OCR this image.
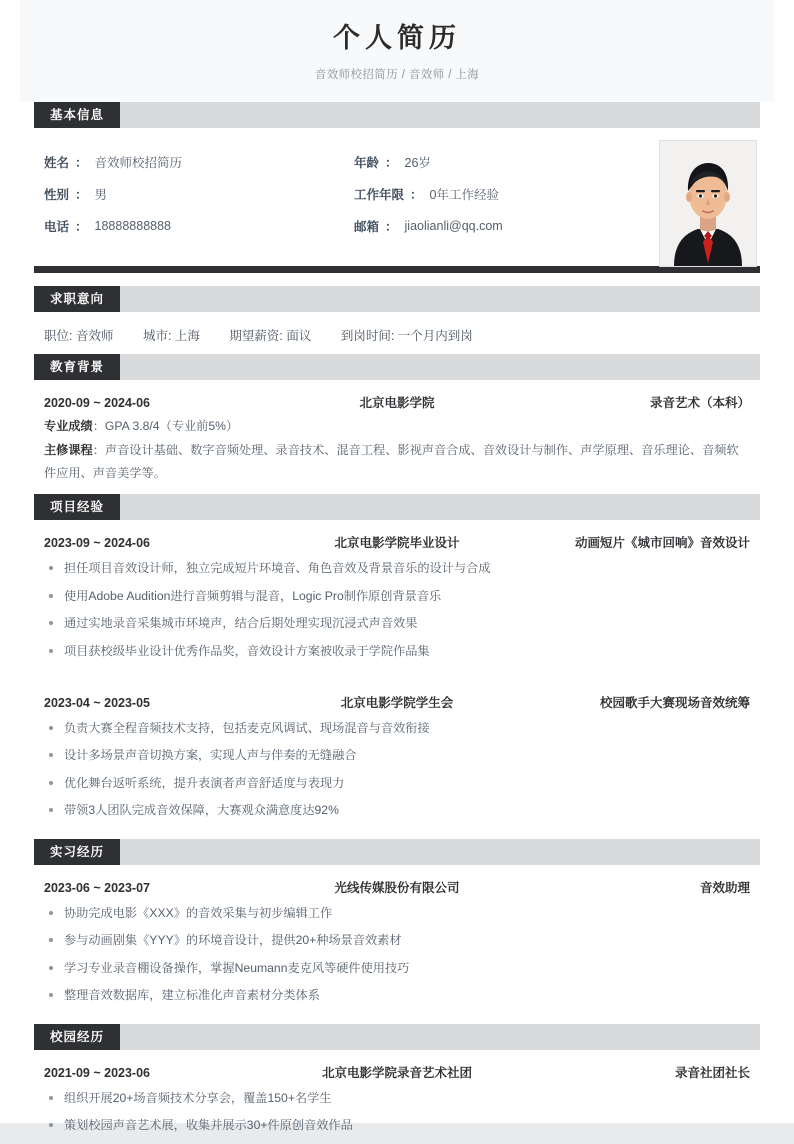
个人简历
音效师校招简历 / 音效师 / 上海
基本信息
姓名 ： 音效师校招简历	年龄 ： 26岁
性别 ： 男	工作年限 ： 0年工作经验
电话 ： 18888888888	邮箱 ： jiaolianli@qq.com
求职意向
职位: 音效师 城市: 上海 期望薪资: 面议 到岗时间: 一个月内到岗
教育背景
2020-09 ~ 2024-06	北京电影学院	录音艺术（本科）
专业成绩：GPA 3.8/4（专业前5%）
主修课程：声音设计基础、数字音频处理、录音技术、混音工程、影视声音合成、音效设计与制作、声学原理、音乐理论、音频软件应用、声音美学等。
项目经验
2023-09 ~ 2024-06	北京电影学院毕业设计	动画短片《城市回响》音效设计
担任项目音效设计师，独立完成短片环境音、角色音效及背景音乐的设计与合成
使用Adobe Audition进行音频剪辑与混音，Logic Pro制作原创背景音乐
通过实地录音采集城市环境声，结合后期处理实现沉浸式声音效果
项目获校级毕业设计优秀作品奖，音效设计方案被收录于学院作品集
2023-04 ~ 2023-05	北京电影学院学生会	校园歌手大赛现场音效统筹
负责大赛全程音频技术支持，包括麦克风调试、现场混音与音效衔接
设计多场景声音切换方案，实现人声与伴奏的无缝融合
优化舞台返听系统，提升表演者声音舒适度与表现力
带领3人团队完成音效保障，大赛观众满意度达92%
实习经历
2023-06 ~ 2023-07	光线传媒股份有限公司	音效助理
协助完成电影《XXX》的音效采集与初步编辑工作
参与动画剧集《YYY》的环境音设计，提供20+种场景音效素材
学习专业录音棚设备操作，掌握Neumann麦克风等硬件使用技巧
整理音效数据库，建立标准化声音素材分类体系
校园经历
2021-09 ~ 2023-06	北京电影学院录音艺术社团	录音社团社长
组织开展20+场音频技术分享会，覆盖150+名学生
策划校园声音艺术展，收集并展示30+件原创音效作品
